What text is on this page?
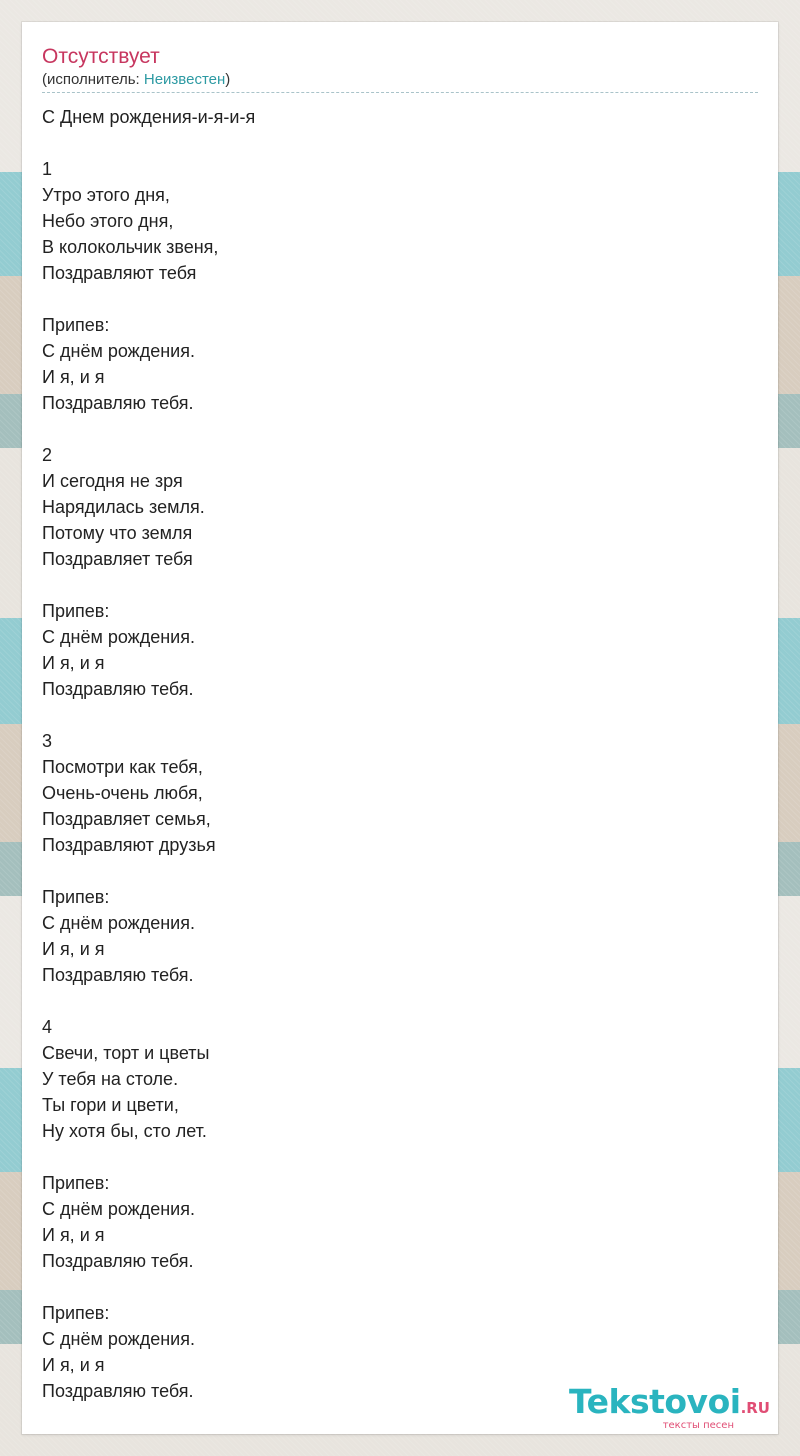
Отсутствует
(исполнитель: Неизвестен)
С Днем рождения-и-я-и-я
1
Утро этого дня,
Небо этого дня,
В колокольчик звеня,
Поздравляют тебя
Припев:
С днём рождения.
И я, и я
Поздравляю тебя.
2
И сегодня не зря
Нарядилась земля.
Потому что земля
Поздравляет тебя
Припев:
С днём рождения.
И я, и я
Поздравляю тебя.
3
Посмотри как тебя,
Очень-очень любя,
Поздравляет семья,
Поздравляют друзья
Припев:
С днём рождения.
И я, и я
Поздравляю тебя.
4
Свечи, торт и цветы
У тебя на столе.
Ты гори и цвети,
Ну хотя бы, сто лет.
Припев:
С днём рождения.
И я, и я
Поздравляю тебя.
Припев:
С днём рождения.
И я, и я
Поздравляю тебя.	Tekstovoi.RU
тексты песен
